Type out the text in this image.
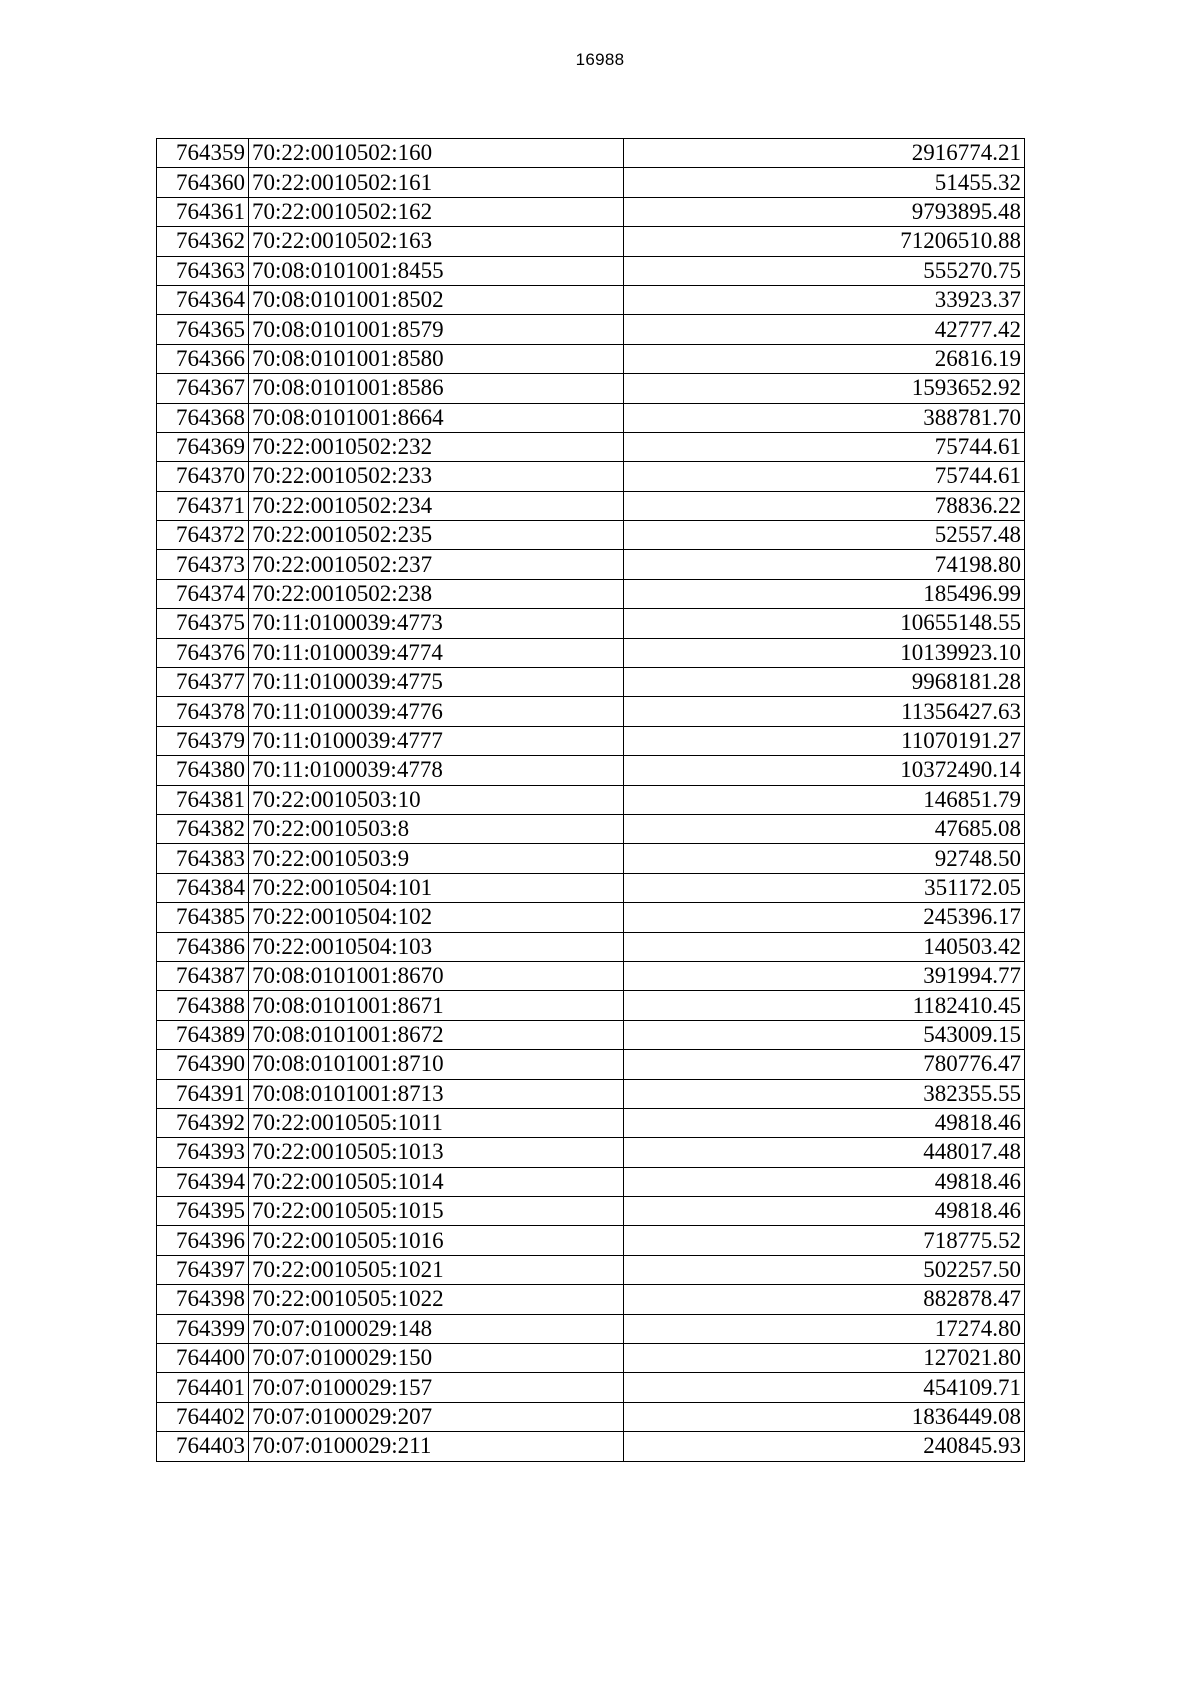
16988
764359	70:22:0010502:160	2916774.21
764360	70:22:0010502:161	51455.32
764361	70:22:0010502:162	9793895.48
764362	70:22:0010502:163	71206510.88
764363	70:08:0101001:8455	555270.75
764364	70:08:0101001:8502	33923.37
764365	70:08:0101001:8579	42777.42
764366	70:08:0101001:8580	26816.19
764367	70:08:0101001:8586	1593652.92
764368	70:08:0101001:8664	388781.70
764369	70:22:0010502:232	75744.61
764370	70:22:0010502:233	75744.61
764371	70:22:0010502:234	78836.22
764372	70:22:0010502:235	52557.48
764373	70:22:0010502:237	74198.80
764374	70:22:0010502:238	185496.99
764375	70:11:0100039:4773	10655148.55
764376	70:11:0100039:4774	10139923.10
764377	70:11:0100039:4775	9968181.28
764378	70:11:0100039:4776	11356427.63
764379	70:11:0100039:4777	11070191.27
764380	70:11:0100039:4778	10372490.14
764381	70:22:0010503:10	146851.79
764382	70:22:0010503:8	47685.08
764383	70:22:0010503:9	92748.50
764384	70:22:0010504:101	351172.05
764385	70:22:0010504:102	245396.17
764386	70:22:0010504:103	140503.42
764387	70:08:0101001:8670	391994.77
764388	70:08:0101001:8671	1182410.45
764389	70:08:0101001:8672	543009.15
764390	70:08:0101001:8710	780776.47
764391	70:08:0101001:8713	382355.55
764392	70:22:0010505:1011	49818.46
764393	70:22:0010505:1013	448017.48
764394	70:22:0010505:1014	49818.46
764395	70:22:0010505:1015	49818.46
764396	70:22:0010505:1016	718775.52
764397	70:22:0010505:1021	502257.50
764398	70:22:0010505:1022	882878.47
764399	70:07:0100029:148	17274.80
764400	70:07:0100029:150	127021.80
764401	70:07:0100029:157	454109.71
764402	70:07:0100029:207	1836449.08
764403	70:07:0100029:211	240845.93
